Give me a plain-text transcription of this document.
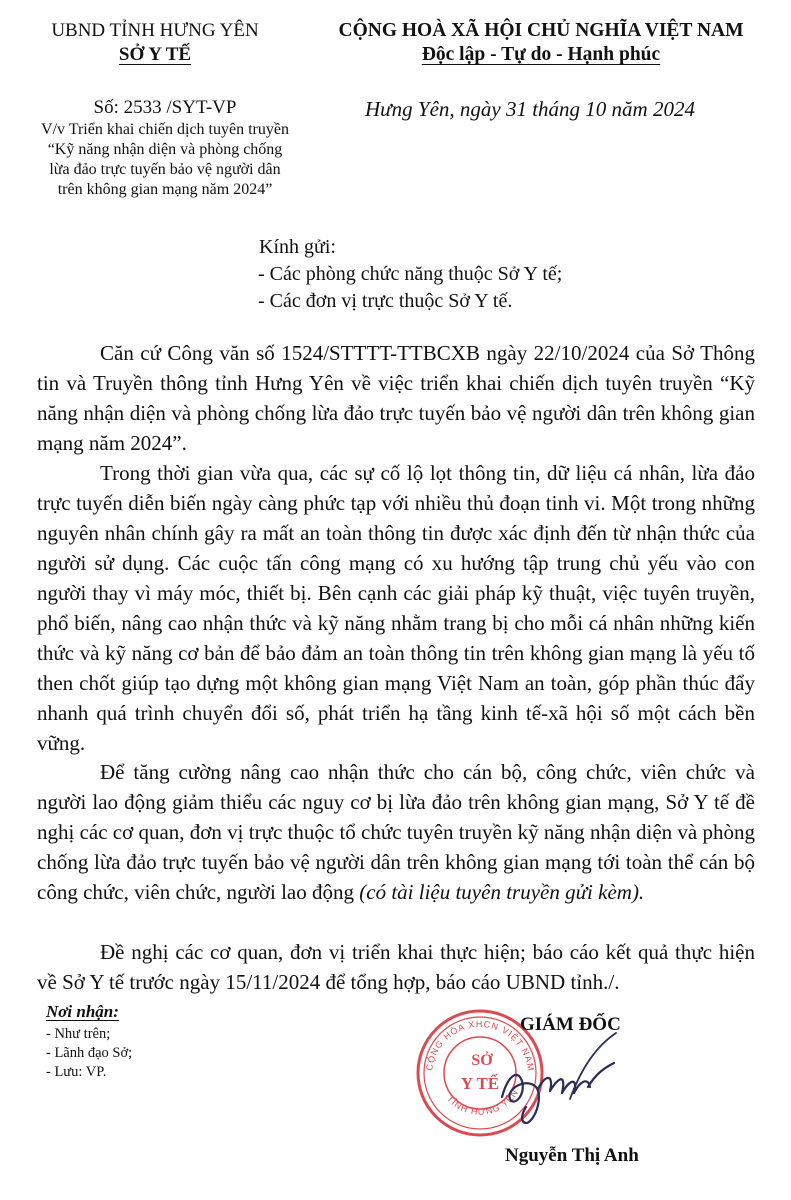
UBND TỈNH HƯNG YÊN
SỞ Y TẾ
CỘNG HOÀ XÃ HỘI CHỦ NGHĨA VIỆT NAM
Độc lập - Tự do - Hạnh phúc
Số: 2533 /SYT-VP
V/v Triển khai chiến dịch tuyên truyền
“Kỹ năng nhận diện và phòng chống
lừa đảo trực tuyến bảo vệ người dân
trên không gian mạng năm 2024”
Hưng Yên, ngày 31 tháng 10 năm 2024
Kính gửi:
- Các phòng chức năng thuộc Sở Y tế;
- Các đơn vị trực thuộc Sở Y tế.

Căn cứ Công văn số 1524/STTTT-TTBCXB ngày 22/10/2024 của Sở Thông tin và Truyền thông tỉnh Hưng Yên về việc triển khai chiến dịch tuyên truyền “Kỹ năng nhận diện và phòng chống lừa đảo trực tuyến bảo vệ người dân trên không gian mạng năm 2024”.

Trong thời gian vừa qua, các sự cố lộ lọt thông tin, dữ liệu cá nhân, lừa đảo trực tuyến diễn biến ngày càng phức tạp với nhiều thủ đoạn tinh vi. Một trong những nguyên nhân chính gây ra mất an toàn thông tin được xác định đến từ nhận thức của người sử dụng. Các cuộc tấn công mạng có xu hướng tập trung chủ yếu vào con người thay vì máy móc, thiết bị. Bên cạnh các giải pháp kỹ thuật, việc tuyên truyền, phổ biến, nâng cao nhận thức và kỹ năng nhằm trang bị cho mỗi cá nhân những kiến thức và kỹ năng cơ bản để bảo đảm an toàn thông tin trên không gian mạng là yếu tố then chốt giúp tạo dựng một không gian mạng Việt Nam an toàn, góp phần thúc đẩy nhanh quá trình chuyển đổi số, phát triển hạ tầng kinh tế-xã hội số một cách bền vững.

Để tăng cường nâng cao nhận thức cho cán bộ, công chức, viên chức và người lao động giảm thiểu các nguy cơ bị lừa đảo trên không gian mạng, Sở Y tế đề nghị các cơ quan, đơn vị trực thuộc tổ chức tuyên truyền kỹ năng nhận diện và phòng chống lừa đảo trực tuyến bảo vệ người dân trên không gian mạng tới toàn thể cán bộ công chức, viên chức, người lao động (có tài liệu tuyên truyền gửi kèm).

Đề nghị các cơ quan, đơn vị triển khai thực hiện; báo cáo kết quả thực hiện về Sở Y tế trước ngày 15/11/2024 để tổng hợp, báo cáo UBND tỉnh./.

Nơi nhận:
- Như trên;
- Lãnh đạo Sở;
- Lưu: VP.	CỘNG HÒA XHCN VIỆT NAM
TỈNH HƯNG YÊN
SỞ
Y TẾ
GIÁM ĐỐC
Nguyễn Thị Anh
